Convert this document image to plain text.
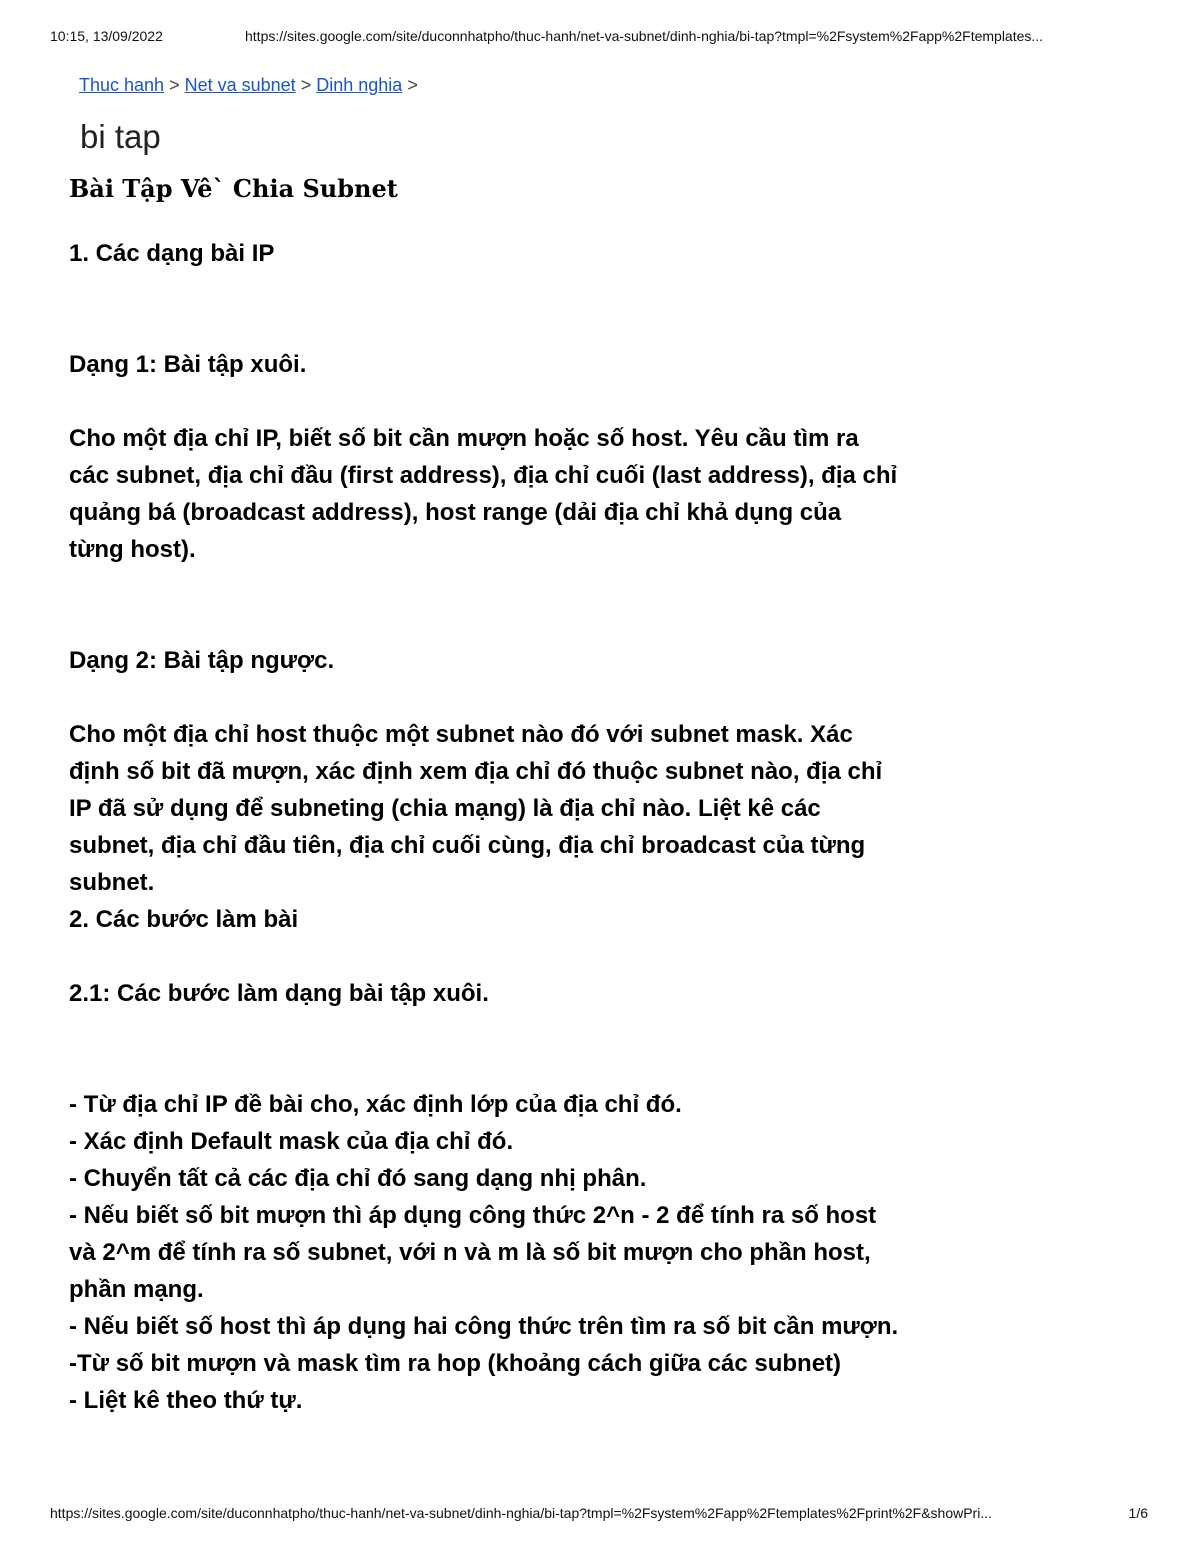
10:15, 13/09/2022	https://sites.google.com/site/duconnhatpho/thuc-hanh/net-va-subnet/dinh-nghia/bi-tap?tmpl=%2Fsystem%2Fapp%2Ftemplates...
Thuc hanh > Net va subnet > Dinh nghia >
bi tap
Bài Tập Vê` Chia Subnet

1. Các dạng bài IP

Dạng 1: Bài tập xuôi.

Cho một địa chỉ IP, biết số bit cần mượn hoặc số host. Yêu cầu tìm ra các subnet, địa chỉ đầu (first address), địa chỉ cuối (last address), địa chỉ quảng bá (broadcast address), host range (dải địa chỉ khả dụng của từng host).

Dạng 2: Bài tập ngược.

Cho một địa chỉ host thuộc một subnet nào đó với subnet mask. Xác định số bit đã mượn, xác định xem địa chỉ đó thuộc subnet nào, địa chỉ IP đã sử dụng để subneting (chia mạng) là địa chỉ nào. Liệt kê các subnet, địa chỉ đầu tiên, địa chỉ cuối cùng, địa chỉ broadcast của từng subnet.

2. Các bước làm bài

2.1: Các bước làm dạng bài tập xuôi.

- Từ địa chỉ IP đề bài cho, xác định lớp của địa chỉ đó.

- Xác định Default mask của địa chỉ đó.

- Chuyển tất cả các địa chỉ đó sang dạng nhị phân.

- Nếu biết số bit mượn thì áp dụng công thức 2^n - 2 để tính ra số host và 2^m để tính ra số subnet, với n và m là số bit mượn cho phần host, phần mạng.

- Nếu biết số host thì áp dụng hai công thức trên tìm ra số bit cần mượn.

-Từ số bit mượn và mask tìm ra hop (khoảng cách giữa các subnet)

- Liệt kê theo thứ tự.

https://sites.google.com/site/duconnhatpho/thuc-hanh/net-va-subnet/dinh-nghia/bi-tap?tmpl=%2Fsystem%2Fapp%2Ftemplates%2Fprint%2F&showPri...	1/6
